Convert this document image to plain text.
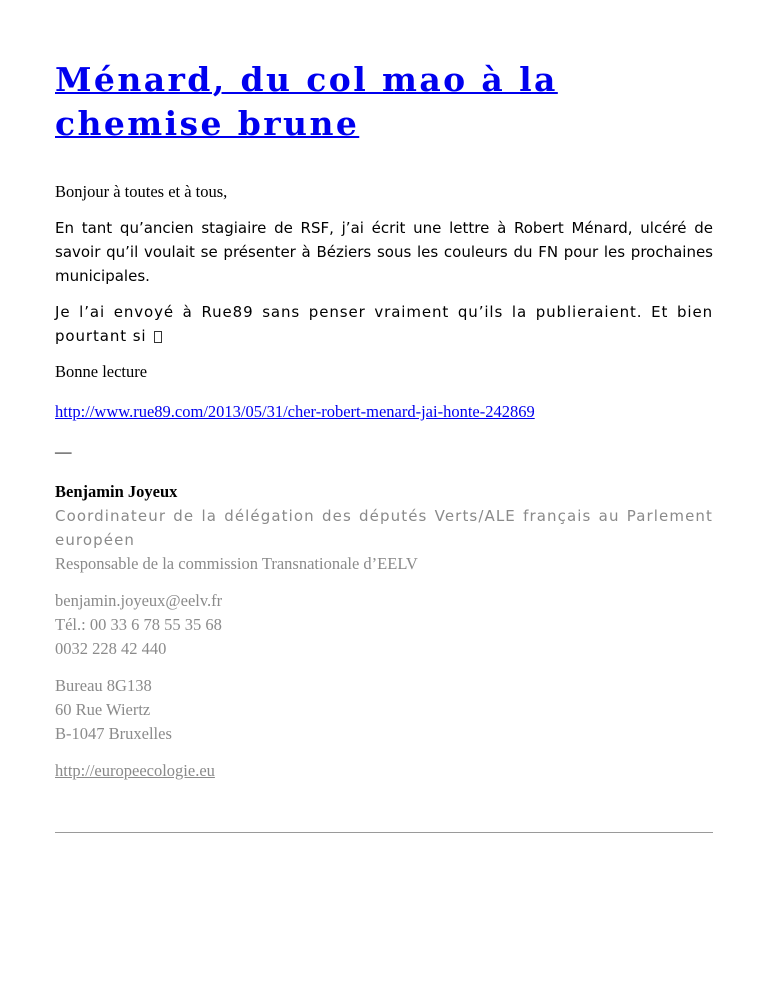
Ménard, du col mao à la chemise brune

Bonjour à toutes et à tous,

En tant qu’ancien stagiaire de RSF, j’ai écrit une lettre à Robert Ménard, ulcéré de savoir qu’il voulait se présenter à Béziers sous les couleurs du FN pour les prochaines municipales.

Je l’ai envoyé à Rue89 sans penser vraiment qu’ils la publieraient. Et bien pourtant si

Bonne lecture

http://www.rue89.com/2013/05/31/cher-robert-menard-jai-honte-242869

—

Benjamin Joyeux

Coordinateur de la délégation des députés Verts/ALE français au Parlement européen

Responsable de la commission Transnationale d’EELV

benjamin.joyeux@eelv.fr

Tél.: 00 33 6 78 55 35 68

0032 228 42 440

Bureau 8G138

60 Rue Wiertz

B-1047 Bruxelles

http://europeecologie.eu
